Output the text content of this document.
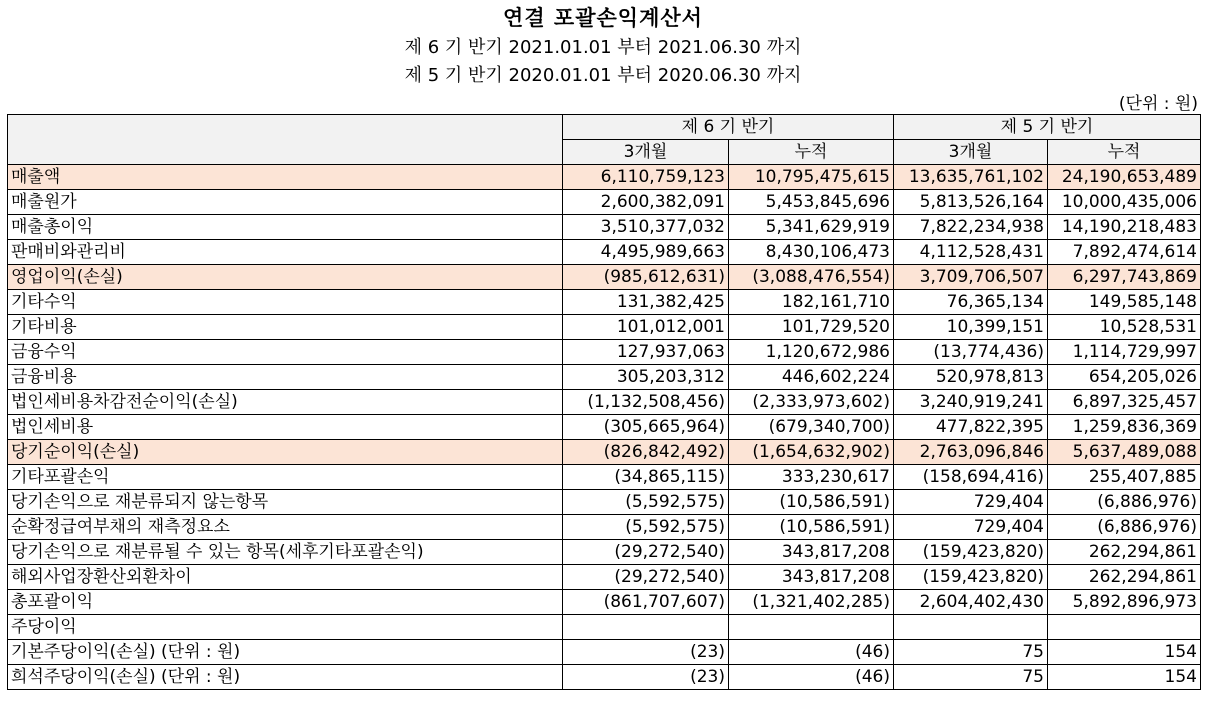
연결 포괄손익계산서
제 6 기 반기 2021.01.01 부터 2021.06.30 까지
제 5 기 반기 2020.01.01 부터 2020.06.30 까지
(단위 : 원)
	제 6 기 반기		제 5 기 반기	
	3개월	누적	3개월	누적
매출액	6,110,759,123	10,795,475,615	13,635,761,102	24,190,653,489
매출원가	2,600,382,091	5,453,845,696	5,813,526,164	10,000,435,006
매출총이익	3,510,377,032	5,341,629,919	7,822,234,938	14,190,218,483
판매비와관리비	4,495,989,663	8,430,106,473	4,112,528,431	7,892,474,614
영업이익(손실)	(985,612,631)	(3,088,476,554)	3,709,706,507	6,297,743,869
기타수익	131,382,425	182,161,710	76,365,134	149,585,148
기타비용	101,012,001	101,729,520	10,399,151	10,528,531
금융수익	127,937,063	1,120,672,986	(13,774,436)	1,114,729,997
금융비용	305,203,312	446,602,224	520,978,813	654,205,026
법인세비용차감전순이익(손실)	(1,132,508,456)	(2,333,973,602)	3,240,919,241	6,897,325,457
법인세비용	(305,665,964)	(679,340,700)	477,822,395	1,259,836,369
당기순이익(손실)	(826,842,492)	(1,654,632,902)	2,763,096,846	5,637,489,088
기타포괄손익	(34,865,115)	333,230,617	(158,694,416)	255,407,885
당기손익으로 재분류되지 않는항목	(5,592,575)	(10,586,591)	729,404	(6,886,976)
순확정급여부채의 재측정요소	(5,592,575)	(10,586,591)	729,404	(6,886,976)
당기손익으로 재분류될 수 있는 항목(세후기타포괄손익)	(29,272,540)	343,817,208	(159,423,820)	262,294,861
해외사업장환산외환차이	(29,272,540)	343,817,208	(159,423,820)	262,294,861
총포괄이익	(861,707,607)	(1,321,402,285)	2,604,402,430	5,892,896,973
주당이익				
기본주당이익(손실) (단위 : 원)	(23)	(46)	75	154
희석주당이익(손실) (단위 : 원)	(23)	(46)	75	154
